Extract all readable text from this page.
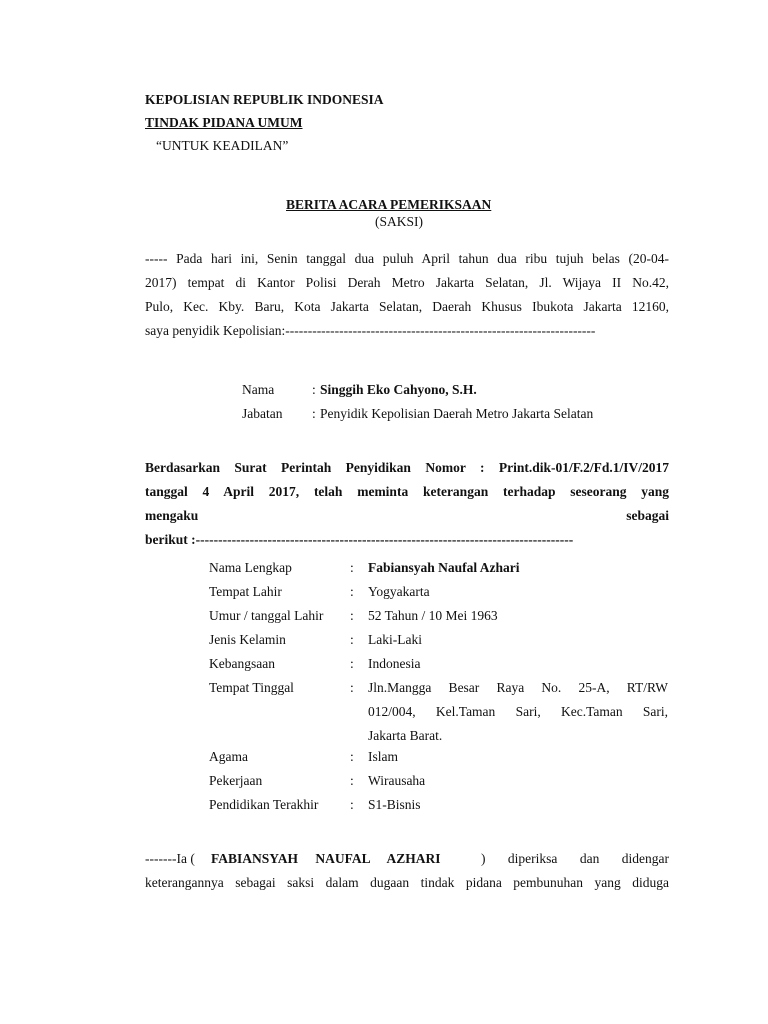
KEPOLISIAN REPUBLIK INDONESIA
TINDAK PIDANA UMUM
“UNTUK KEADILAN”
BERITA ACARA PEMERIKSAAN
(SAKSI)
----- Pada hari ini, Senin tanggal dua puluh April tahun dua ribu tujuh belas (20-04-
2017) tempat di Kantor Polisi Derah Metro Jakarta Selatan, Jl. Wijaya II No.42,
Pulo, Kec. Kby. Baru, Kota Jakarta Selatan, Daerah Khusus Ibukota Jakarta 12160,
saya penyidik Kepolisian:---------------------------------------------------------------------
Nama	: Singgih Eko Cahyono, S.H.
Jabatan : Penyidik Kepolisian Daerah Metro Jakarta Selatan
Berdasarkan Surat Perintah Penyidikan Nomor : Print.dik-01/F.2/Fd.1/IV/2017
tanggal 4 April 2017, telah meminta keterangan terhadap seseorang yang
mengaku	sebagai
berikut :------------------------------------------------------------------------------------
Nama Lengkap	: Fabiansyah Naufal Azhari
Tempat Lahir	: Yogyakarta
Umur / tanggal Lahir : 52 Tahun / 10 Mei 1963
Jenis Kelamin	: Laki-Laki
Kebangsaan	: Indonesia
Tempat Tinggal	: Jln.Mangga Besar Raya No. 25-A, RT/RW
012/004, Kel.Taman Sari, Kec.Taman Sari,
Jakarta Barat.
Agama	: Islam
Pekerjaan	: Wirausaha
Pendidikan Terakhir : S1-Bisnis
-------Ia ( FABIANSYAH NAUFAL AZHARI	) diperiksa dan didengar
keterangannya sebagai saksi dalam dugaan tindak pidana pembunuhan yang diduga
